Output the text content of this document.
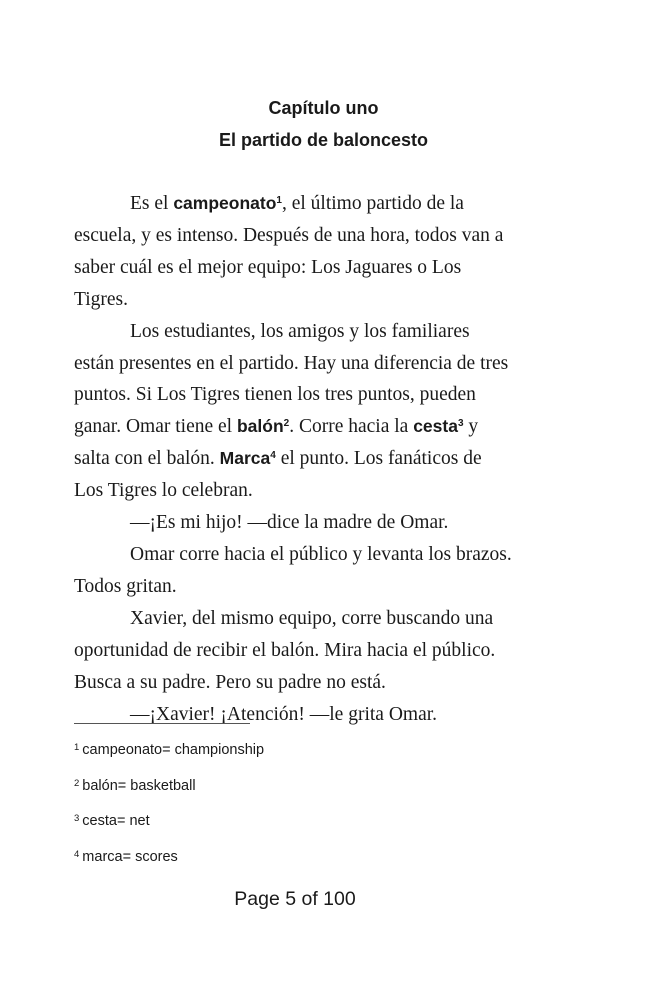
Capítulo uno
El partido de baloncesto

Es el campeonato$^1$, el último partido de la escuela, y es intenso. Después de una hora, todos van a saber cuál es el mejor equipo: Los Jaguares o Los Tigres.

Los estudiantes, los amigos y los familiares están presentes en el partido. Hay una diferencia de tres puntos. Si Los Tigres tienen los tres puntos, pueden ganar. Omar tiene el balón$^2$. Corre hacia la cesta$^3$ y salta con el balón. Marca$^4$ el punto. Los fanáticos de Los Tigres lo celebran.

—¡Es mi hijo! —dice la madre de Omar.

Omar corre hacia el público y levanta los brazos. Todos gritan.

Xavier, del mismo equipo, corre buscando una oportunidad de recibir el balón. Mira hacia el público. Busca a su padre. Pero su padre no está.

—¡Xavier! ¡Atención! —le grita Omar.

$^1$ campeonato= championship
$^2$ balón= basketball
$^3$ cesta= net
$^4$ marca= scores
Page 5 of 100
